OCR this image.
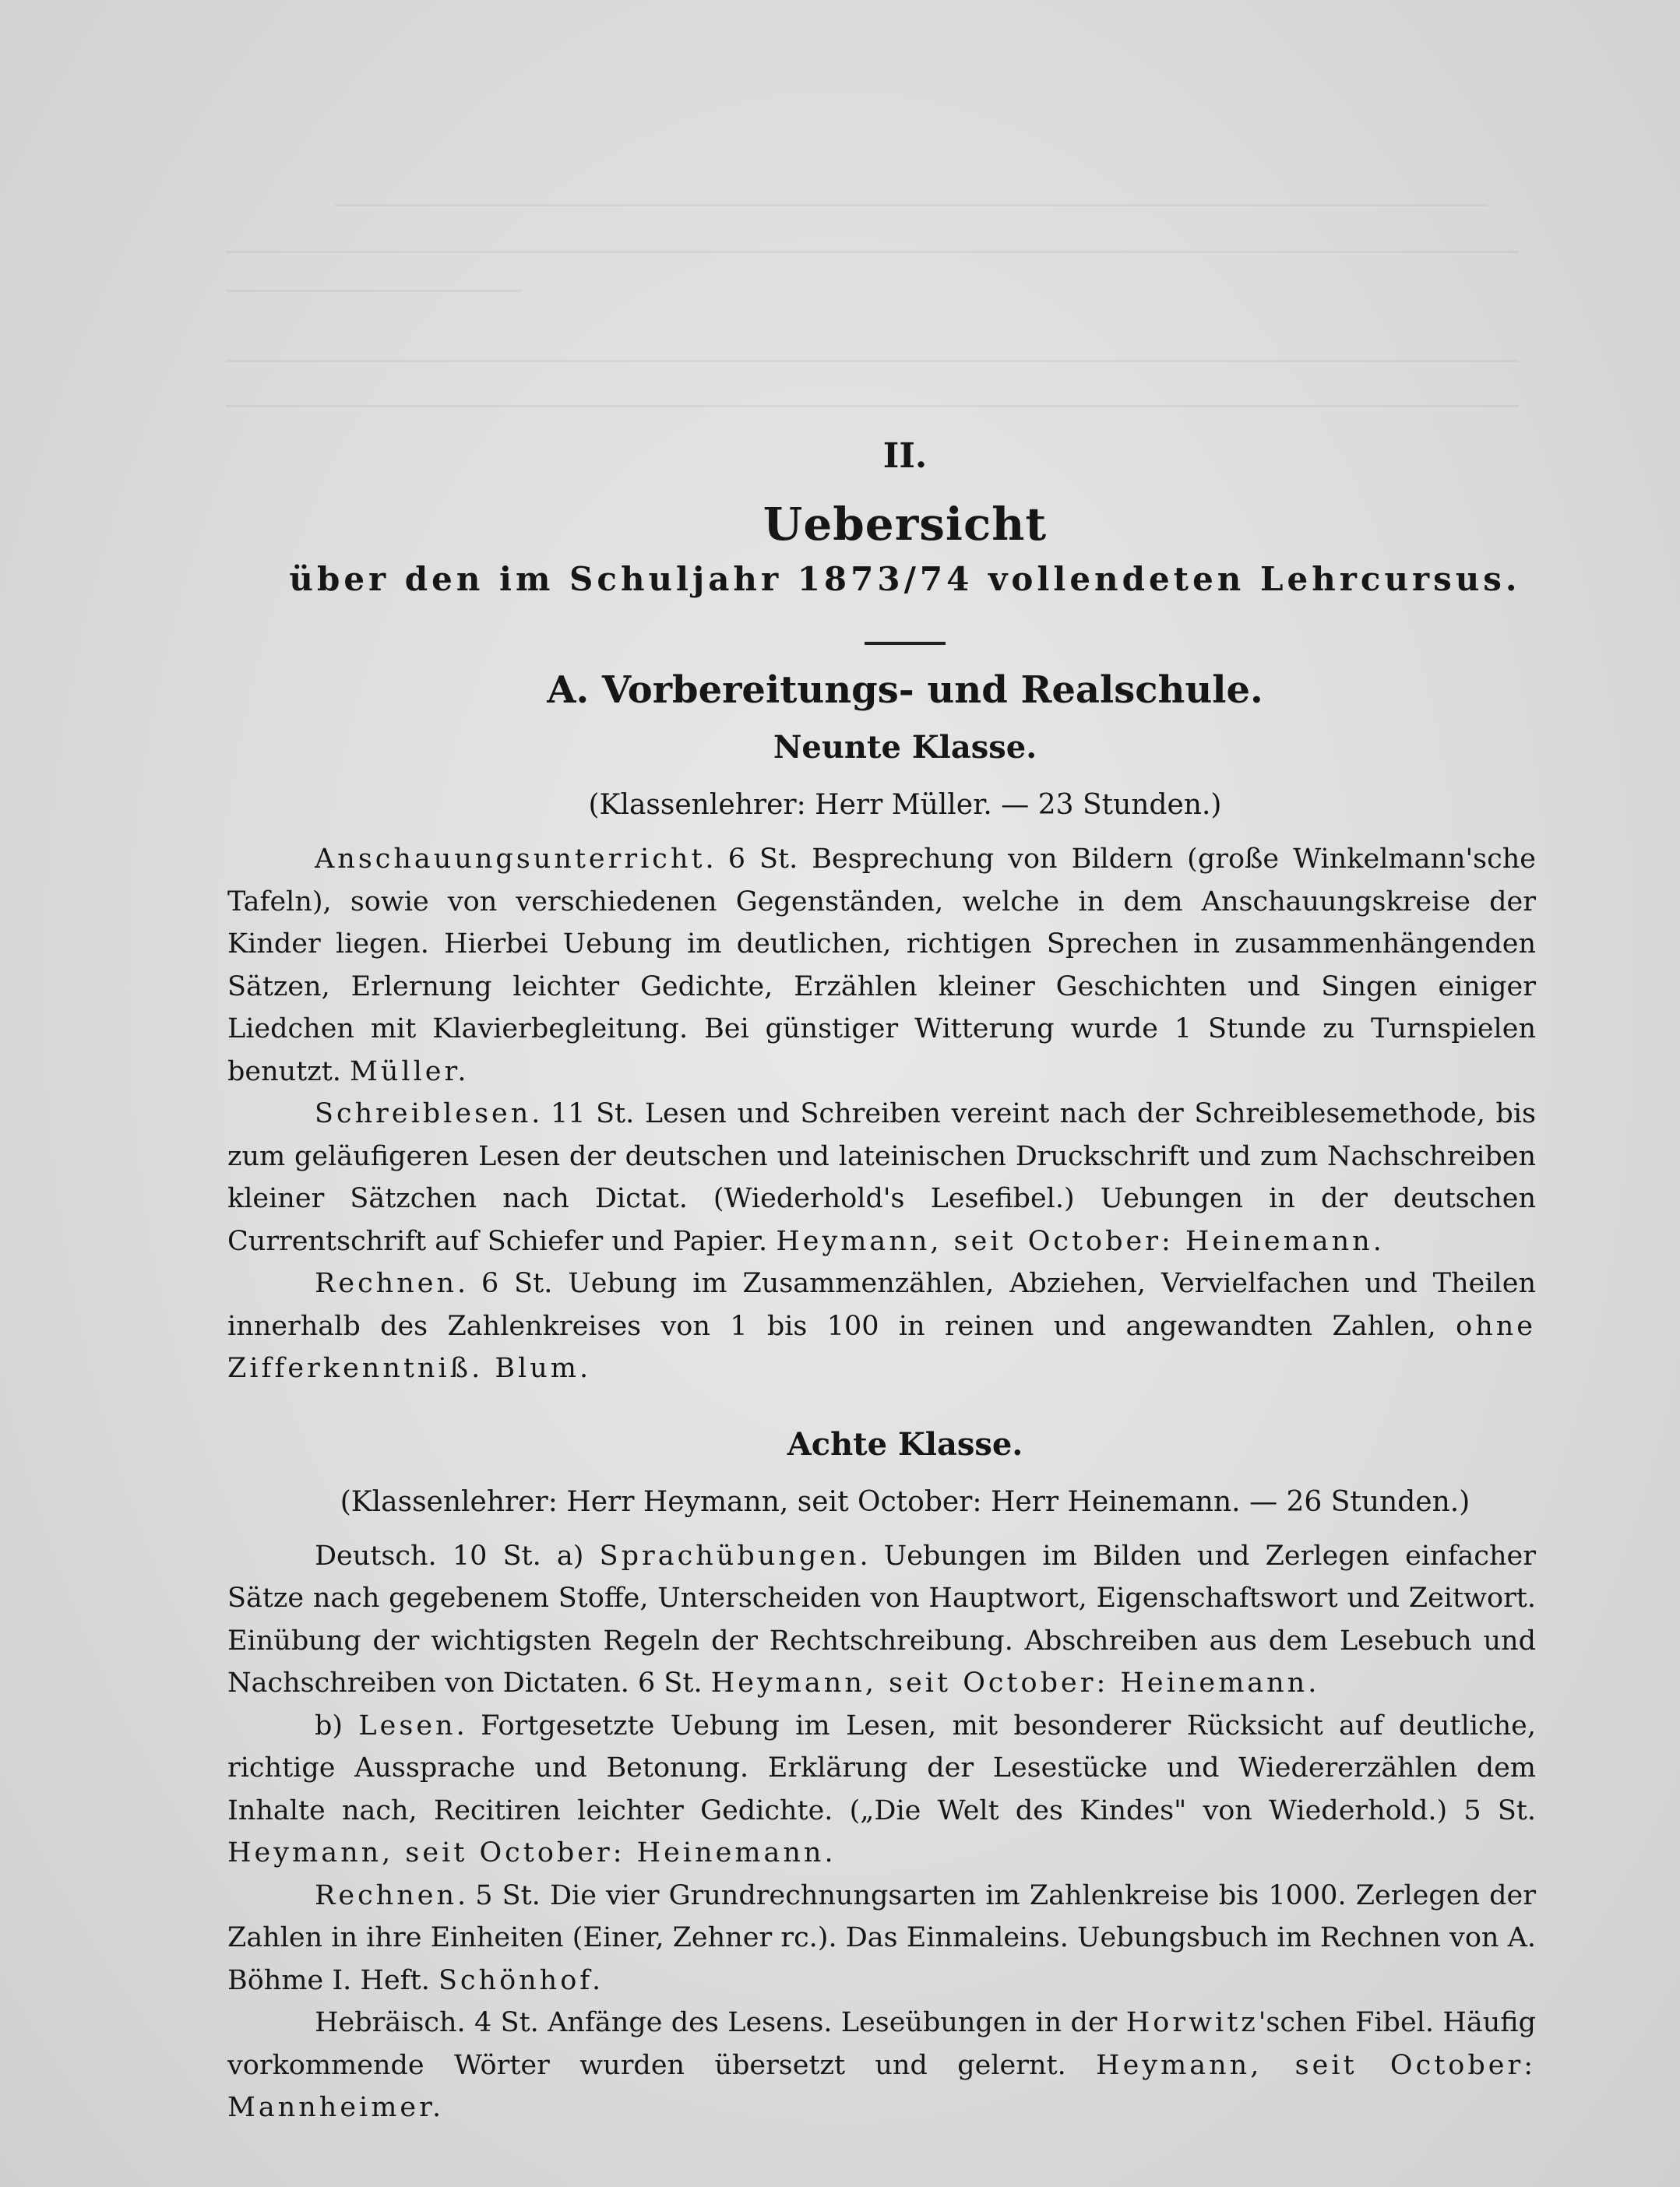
II.
Uebersicht
über den im Schuljahr 1873/74 vollendeten Lehrcursus.
A. Vorbereitungs- und Realschule.
Neunte Klasse.
(Klassenlehrer: Herr Müller. — 23 Stunden.)

Anschauungsunterricht. 6 St. Besprechung von Bildern (große Winkelmann'sche Tafeln), sowie von verschiedenen Gegenständen, welche in dem Anschauungskreise der Kinder liegen. Hierbei Uebung im deutlichen, richtigen Sprechen in zusammenhängenden Sätzen, Erlernung leichter Gedichte, Erzählen kleiner Geschichten und Singen einiger Liedchen mit Klavierbegleitung. Bei günstiger Witterung wurde 1 Stunde zu Turnspielen benutzt. Müller.

Schreiblesen. 11 St. Lesen und Schreiben vereint nach der Schreiblesemethode, bis zum geläufigeren Lesen der deutschen und lateinischen Druckschrift und zum Nachschreiben kleiner Sätzchen nach Dictat. (Wiederhold's Lesefibel.) Uebungen in der deutschen Currentschrift auf Schiefer und Papier. Heymann, seit October: Heinemann.

Rechnen. 6 St. Uebung im Zusammenzählen, Abziehen, Vervielfachen und Theilen innerhalb des Zahlenkreises von 1 bis 100 in reinen und angewandten Zahlen, ohne Zifferkenntniß. Blum.

Achte Klasse.
(Klassenlehrer: Herr Heymann, seit October: Herr Heinemann. — 26 Stunden.)

Deutsch. 10 St. a) Sprachübungen. Uebungen im Bilden und Zerlegen einfacher Sätze nach gegebenem Stoffe, Unterscheiden von Hauptwort, Eigenschaftswort und Zeitwort. Einübung der wichtigsten Regeln der Rechtschreibung. Abschreiben aus dem Lesebuch und Nachschreiben von Dictaten. 6 St. Heymann, seit October: Heinemann.

b) Lesen. Fortgesetzte Uebung im Lesen, mit besonderer Rücksicht auf deutliche, richtige Aussprache und Betonung. Erklärung der Lesestücke und Wiedererzählen dem Inhalte nach, Recitiren leichter Gedichte. („Die Welt des Kindes" von Wiederhold.) 5 St. Heymann, seit October: Heinemann.

Rechnen. 5 St. Die vier Grundrechnungsarten im Zahlenkreise bis 1000. Zerlegen der Zahlen in ihre Einheiten (Einer, Zehner rc.). Das Einmaleins. Uebungsbuch im Rechnen von A. Böhme I. Heft. Schönhof.

Hebräisch. 4 St. Anfänge des Lesens. Leseübungen in der Horwitz'schen Fibel. Häufig vorkommende Wörter wurden übersetzt und gelernt. Heymann, seit October: Mannheimer.
